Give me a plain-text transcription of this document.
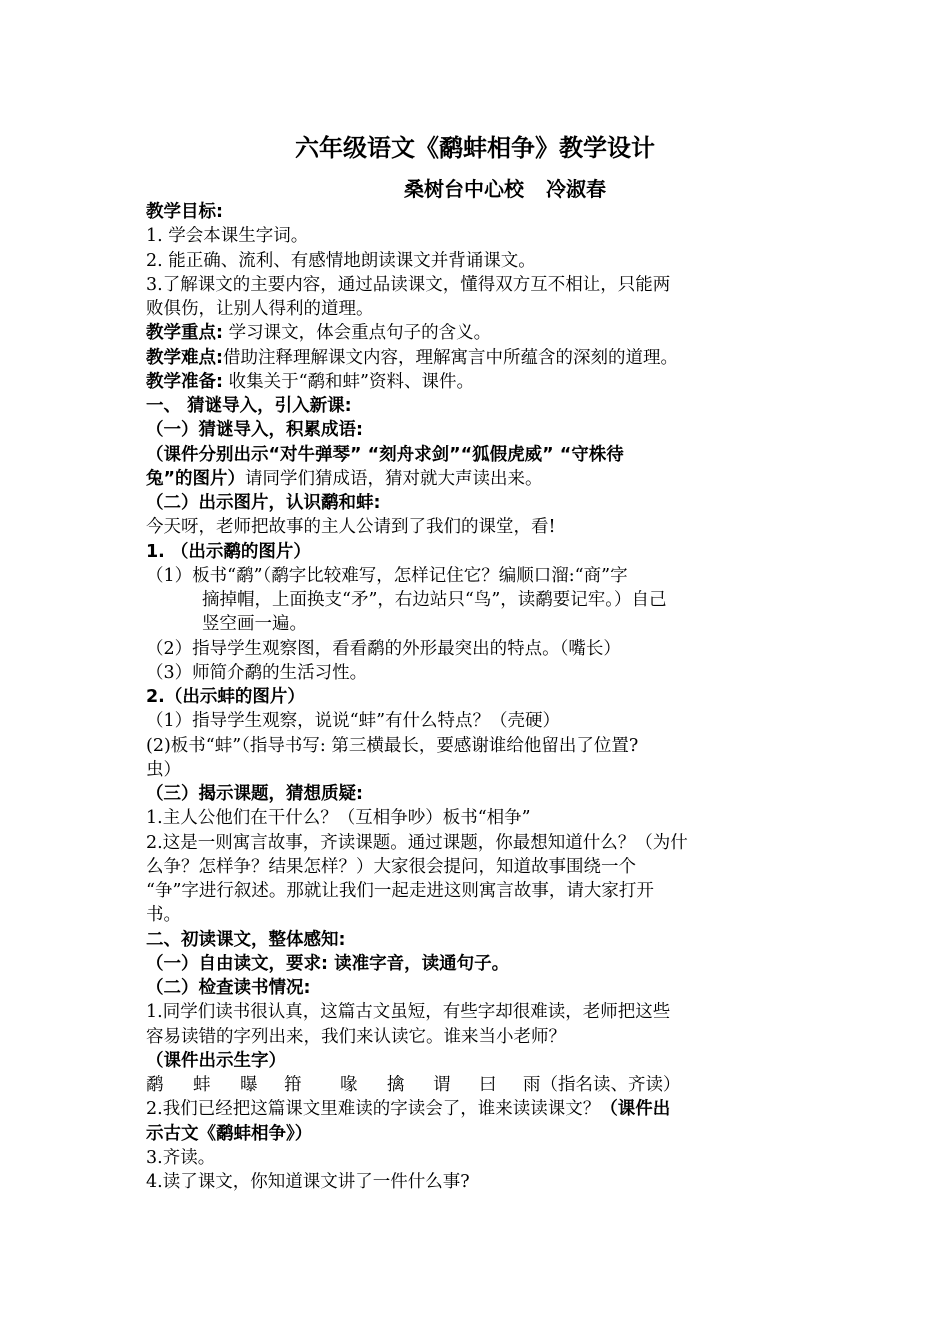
六年级语文《鹬蚌相争》教学设计
桑树台中心校 冷淑春
教学目标:
1. 学会本课生字词。
2. 能正确、流利、有感情地朗读课文并背诵课文。
3.了解课文的主要内容，通过品读课文，懂得双方互不相让，只能两
败俱伤，让别人得利的道理。
教学重点: 学习课文，体会重点句子的含义。
教学难点:借助注释理解课文内容，理解寓言中所蕴含的深刻的道理。
教学准备: 收集关于“鹬和蚌”资料、课件。
一、 猜谜导入，引入新课:
（一）猜谜导入，积累成语:
（课件分别出示“对牛弹琴” “刻舟求剑”“狐假虎威” “守株待
兔”的图片）请同学们猜成语，猜对就大声读出来。
（二）出示图片，认识鹬和蚌:
今天呀，老师把故事的主人公请到了我们的课堂，看!
1. （出示鹬的图片）
（1）板书“鹬”（鹬字比较难写，怎样记住它？编顺口溜:“商”字
摘掉帽，上面换支“矛”，右边站只“鸟”，读鹬要记牢。）自己
竖空画一遍。
（2）指导学生观察图，看看鹬的外形最突出的特点。（嘴长）
（3）师简介鹬的生活习性。
2.（出示蚌的图片）
（1）指导学生观察，说说“蚌”有什么特点？（壳硬）
(2)板书“蚌”（指导书写: 第三横最长，要感谢谁给他留出了位置?
虫）
（三）揭示课题，猜想质疑:
1.主人公他们在干什么？（互相争吵）板书“相争”
2.这是一则寓言故事，齐读课题。通过课题，你最想知道什么？（为什
么争？怎样争？结果怎样？）大家很会提问，知道故事围绕一个
“争”字进行叙述。那就让我们一起走进这则寓言故事，请大家打开
书。
二、初读课文，整体感知:
（一）自由读文，要求: 读准字音，读通句子。
（二）检查读书情况:
1.同学们读书很认真，这篇古文虽短，有些字却很难读，老师把这些
容易读错的字列出来，我们来认读它。谁来当小老师？
（课件出示生字）
鹬 蚌 曝 箝 喙 擒 谓 曰 雨（指名读、齐读）
2.我们已经把这篇课文里难读的字读会了，谁来读读课文？（课件出
示古文《鹬蚌相争》）
3.齐读。
4.读了课文，你知道课文讲了一件什么事?
